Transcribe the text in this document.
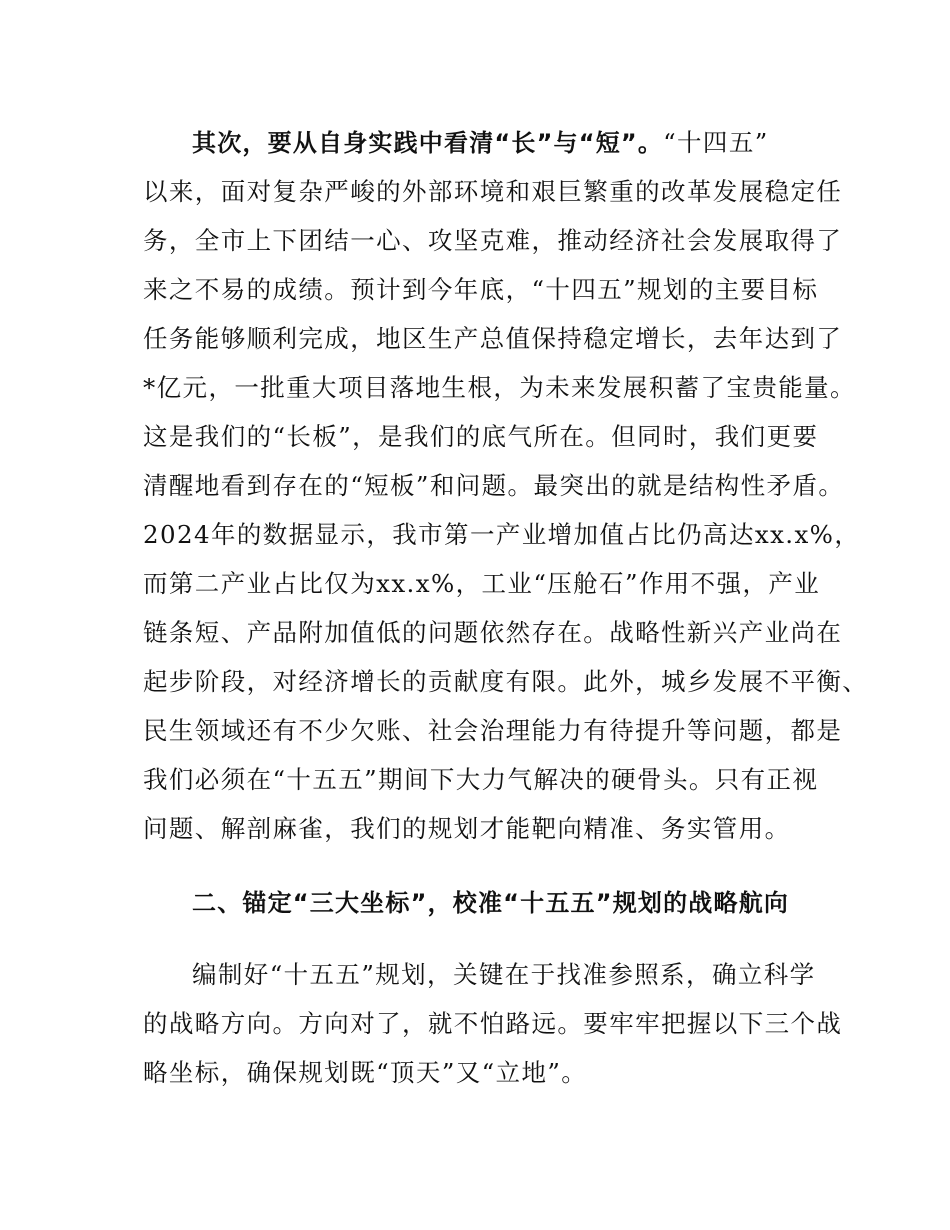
其次，要从自身实践中看清“长”与“短”。“十四五”
以来，面对复杂严峻的外部环境和艰巨繁重的改革发展稳定任
务，全市上下团结一心、攻坚克难，推动经济社会发展取得了
来之不易的成绩。预计到今年底，“十四五”规划的主要目标
任务能够顺利完成，地区生产总值保持稳定增长，去年达到了
*亿元，一批重大项目落地生根，为未来发展积蓄了宝贵能量。
这是我们的“长板”，是我们的底气所在。但同时，我们更要
清醒地看到存在的“短板”和问题。最突出的就是结构性矛盾。
2024年的数据显示，我市第一产业增加值占比仍高达xx.x%，
而第二产业占比仅为xx.x%，工业“压舱石”作用不强，产业
链条短、产品附加值低的问题依然存在。战略性新兴产业尚在
起步阶段，对经济增长的贡献度有限。此外，城乡发展不平衡、
民生领域还有不少欠账、社会治理能力有待提升等问题，都是
我们必须在“十五五”期间下大力气解决的硬骨头。只有正视
问题、解剖麻雀，我们的规划才能靶向精准、务实管用。
二、锚定“三大坐标”，校准“十五五”规划的战略航向
编制好“十五五”规划，关键在于找准参照系，确立科学
的战略方向。方向对了，就不怕路远。要牢牢把握以下三个战
略坐标，确保规划既“顶天”又“立地”。
